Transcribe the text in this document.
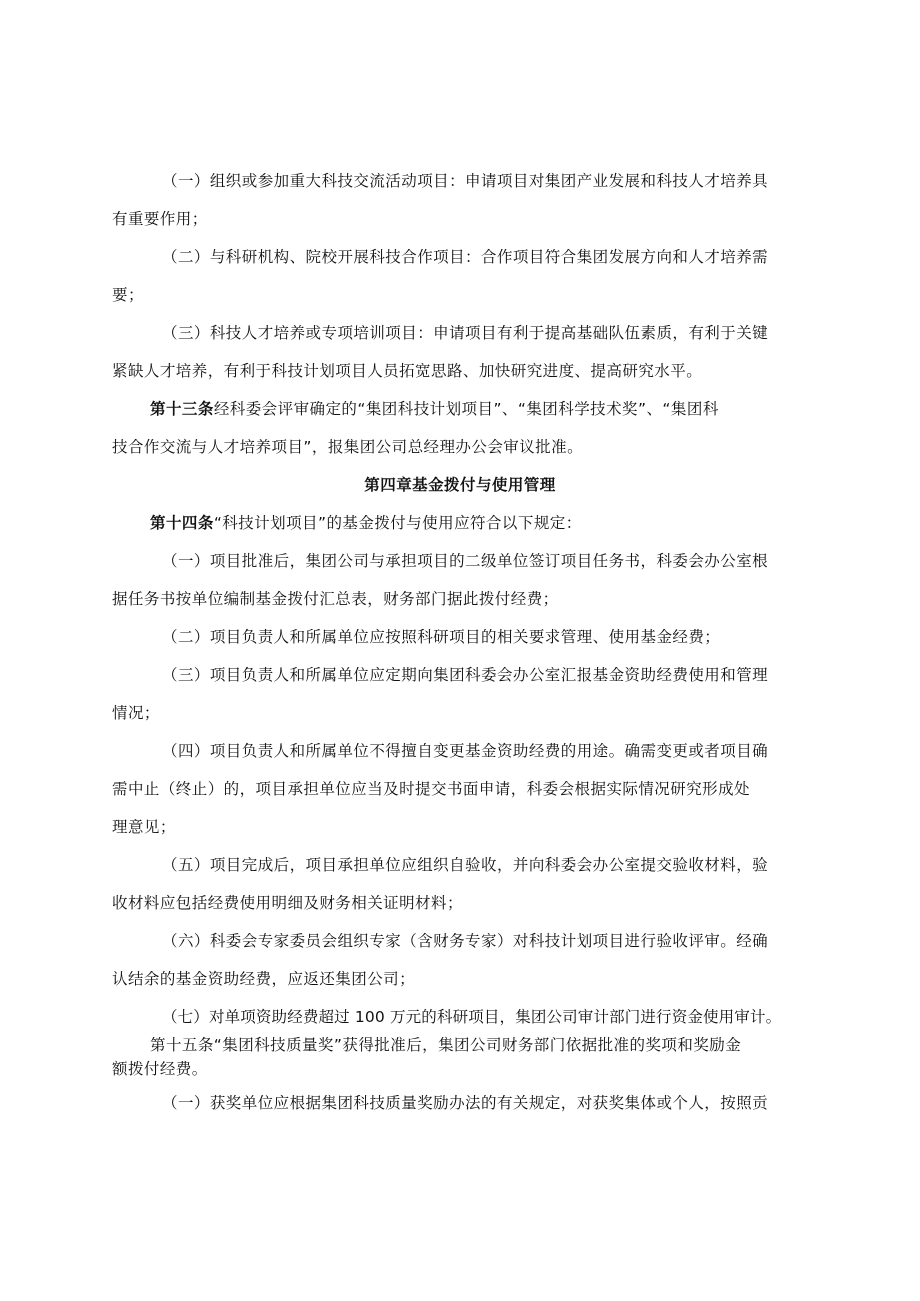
（一）组织或参加重大科技交流活动项目：申请项目对集团产业发展和科技人才培养具

有重要作用；

（二）与科研机构、院校开展科技合作项目：合作项目符合集团发展方向和人才培养需

要；

（三）科技人才培养或专项培训项目：申请项目有利于提高基础队伍素质，有利于关键

紧缺人才培养，有利于科技计划项目人员拓宽思路、加快研究进度、提高研究水平。

第十三条经科委会评审确定的“集团科技计划项目”、“集团科学技术奖”、“集团科

技合作交流与人才培养项目”，报集团公司总经理办公会审议批准。

第四章基金拨付与使用管理

第十四条“科技计划项目”的基金拨付与使用应符合以下规定：

（一）项目批准后，集团公司与承担项目的二级单位签订项目任务书，科委会办公室根

据任务书按单位编制基金拨付汇总表，财务部门据此拨付经费；

（二）项目负责人和所属单位应按照科研项目的相关要求管理、使用基金经费；

（三）项目负责人和所属单位应定期向集团科委会办公室汇报基金资助经费使用和管理

情况；

（四）项目负责人和所属单位不得擅自变更基金资助经费的用途。确需变更或者项目确

需中止（终止）的，项目承担单位应当及时提交书面申请，科委会根据实际情况研究形成处

理意见；

（五）项目完成后，项目承担单位应组织自验收，并向科委会办公室提交验收材料，验

收材料应包括经费使用明细及财务相关证明材料；

（六）科委会专家委员会组织专家（含财务专家）对科技计划项目进行验收评审。经确

认结余的基金资助经费，应返还集团公司；

（七）对单项资助经费超过 100 万元的科研项目，集团公司审计部门进行资金使用审计。

第十五条“集团科技质量奖”获得批准后，集团公司财务部门依据批准的奖项和奖励金

额拨付经费。

（一）获奖单位应根据集团科技质量奖励办法的有关规定，对获奖集体或个人，按照贡
